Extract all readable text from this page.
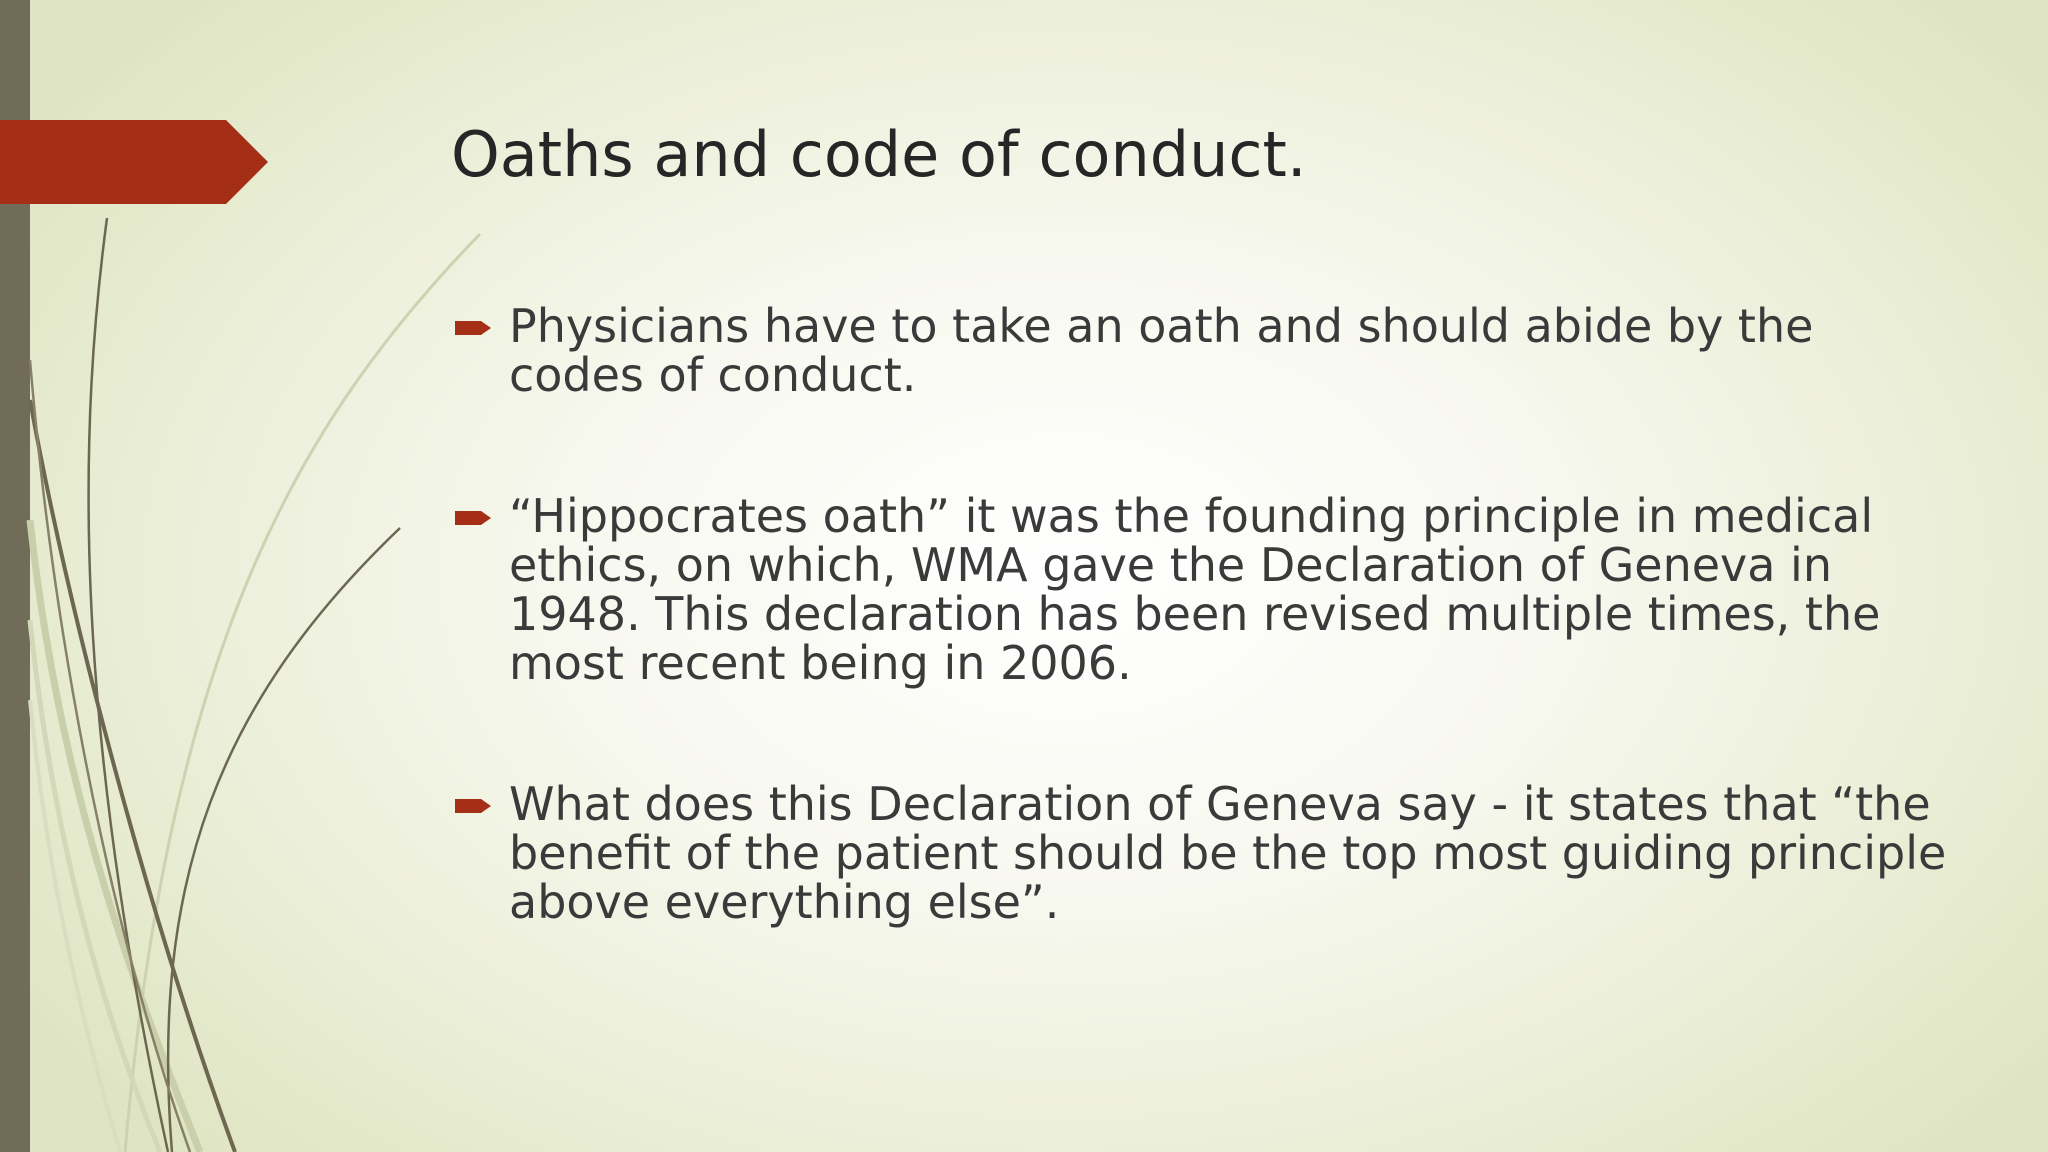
Oaths and code of conduct.
Physicians have to take an oath and should abide by the codes of conduct.
“Hippocrates oath” it was the founding principle in medical ethics, on which, WMA gave the Declaration of Geneva in 1948. This declaration has been revised multiple times, the most recent being in 2006.
What does this Declaration of Geneva say - it states that “the benefit of the patient should be the top most guiding principle above everything else”.
